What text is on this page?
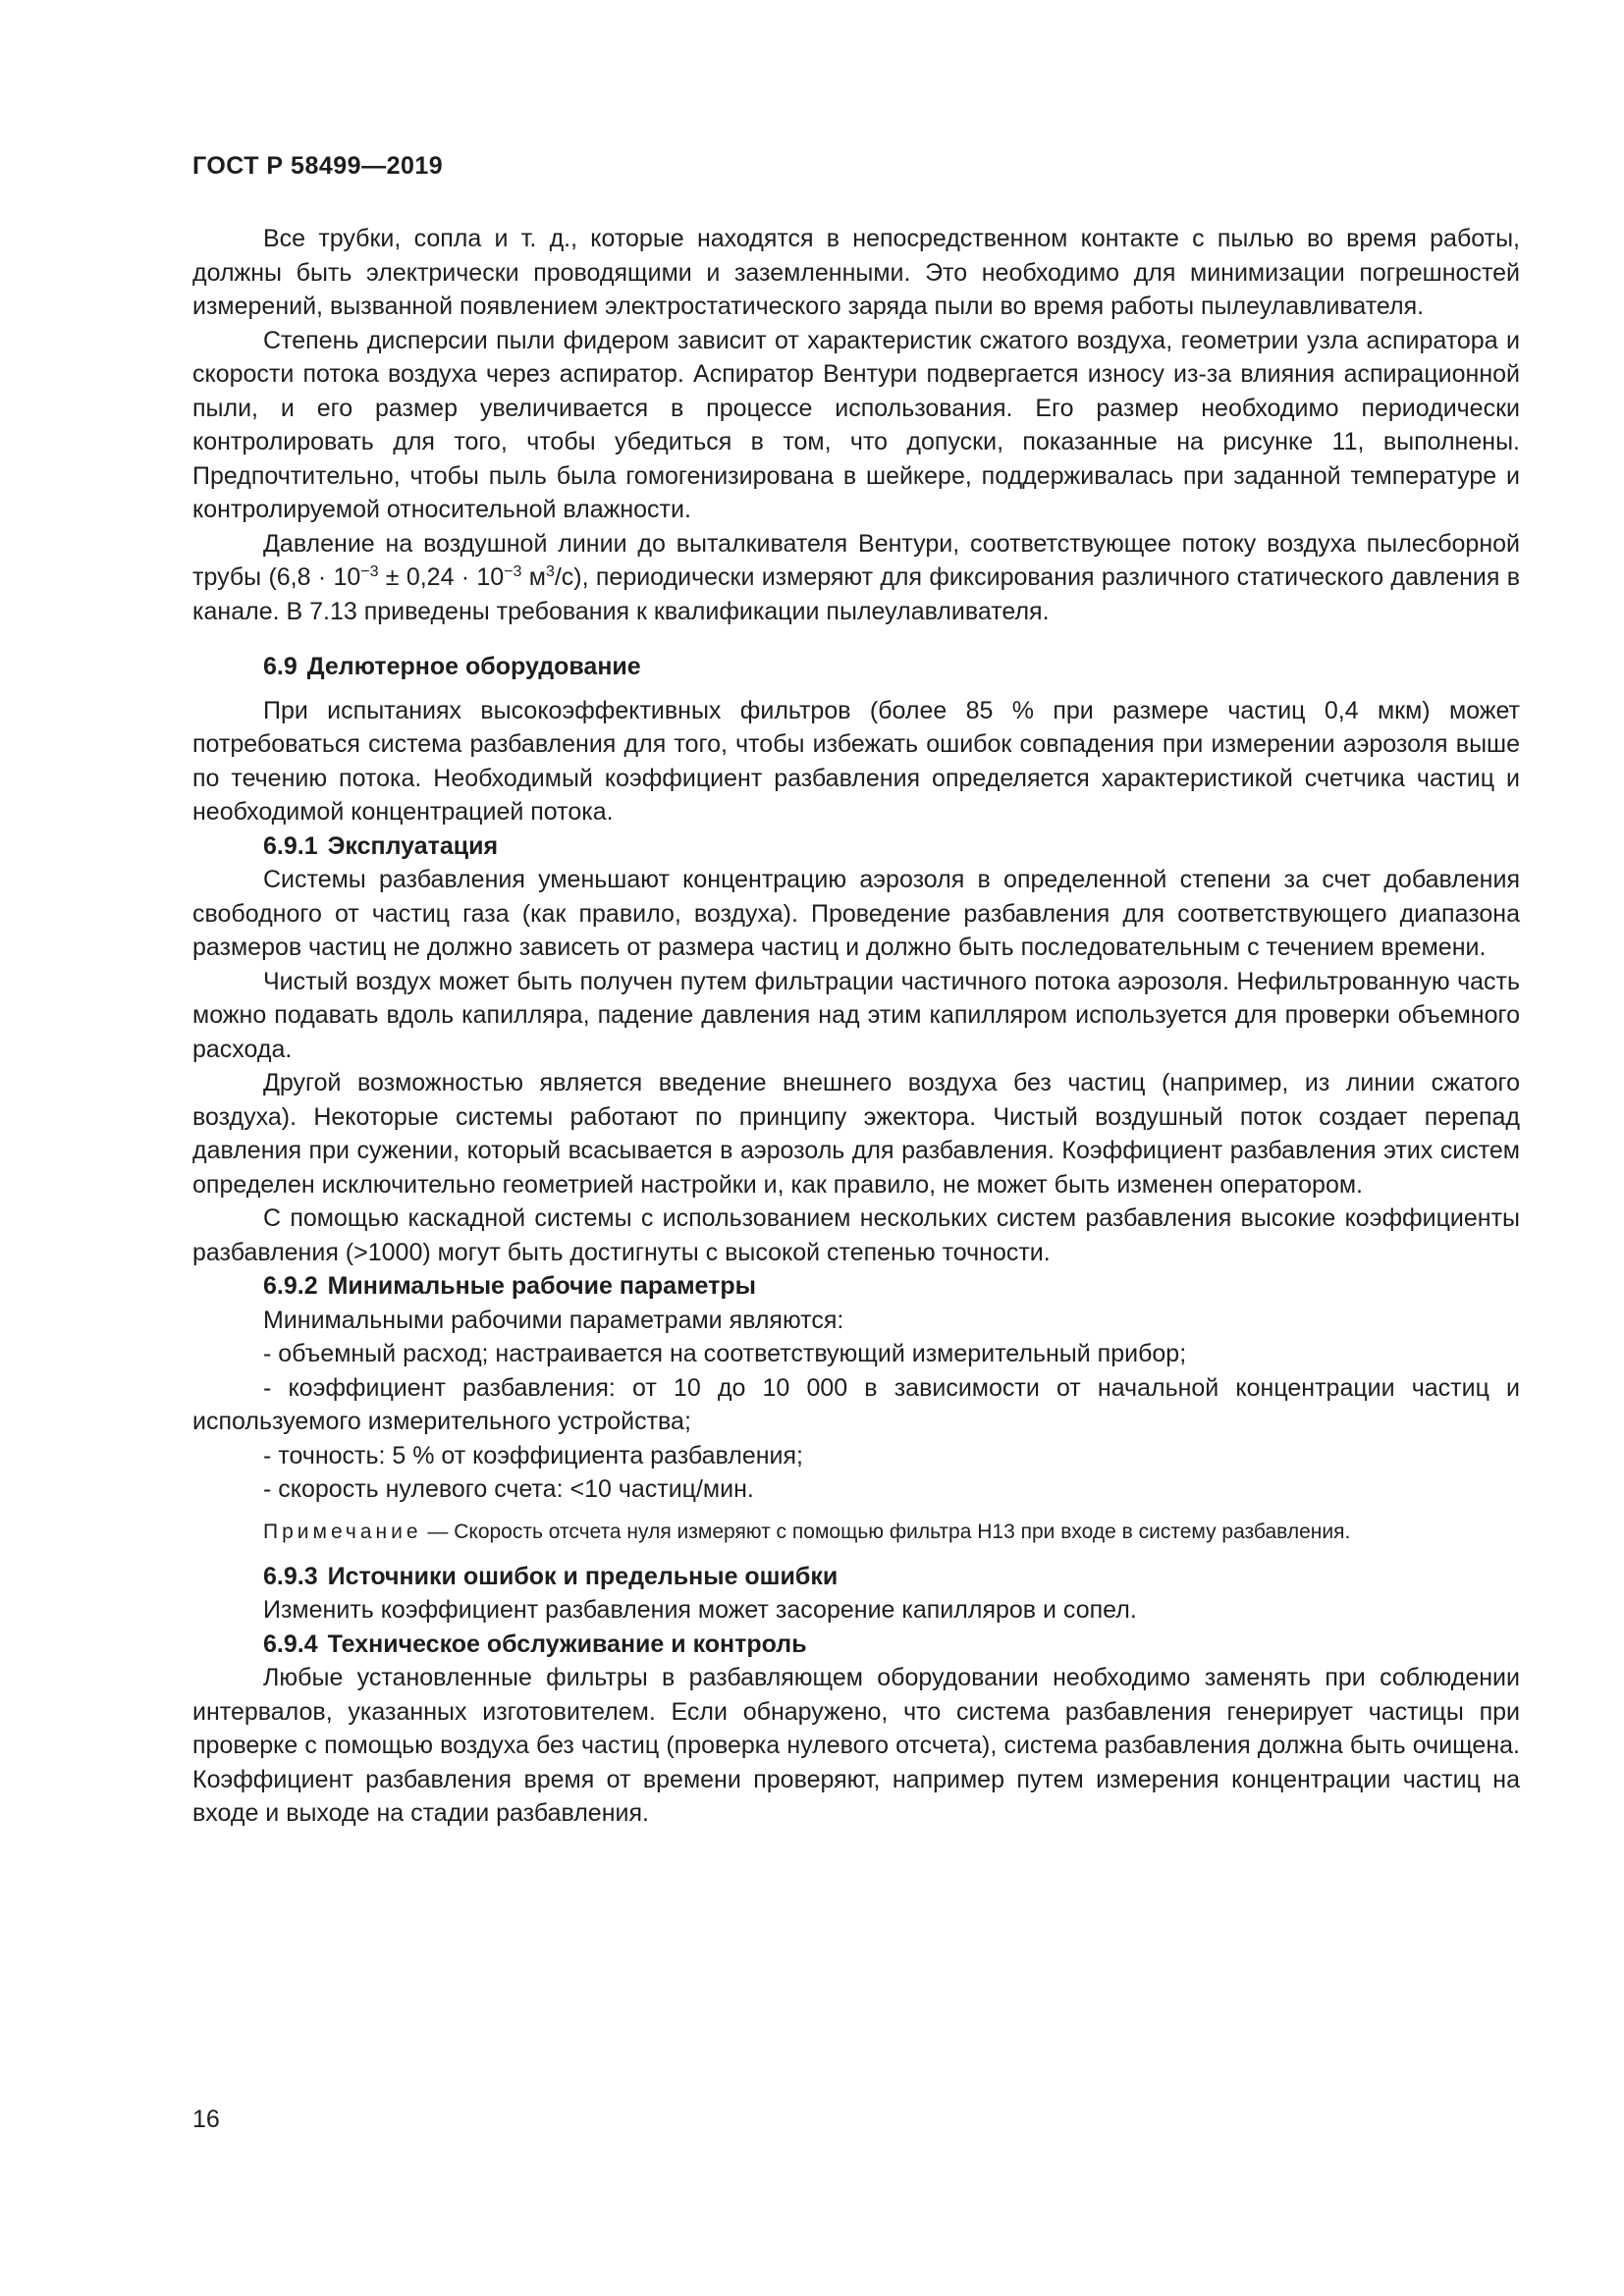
ГОСТ Р 58499—2019

Все трубки, сопла и т. д., которые находятся в непосредственном контакте с пылью во время работы, должны быть электрически проводящими и заземленными. Это необходимо для минимизации погрешностей измерений, вызванной появлением электростатического заряда пыли во время работы пылеулавливателя.

Степень дисперсии пыли фидером зависит от характеристик сжатого воздуха, геометрии узла аспиратора и скорости потока воздуха через аспиратор. Аспиратор Вентури подвергается износу из-за влияния аспирационной пыли, и его размер увеличивается в процессе использования. Его размер необходимо периодически контролировать для того, чтобы убедиться в том, что допуски, показанные на рисунке 11, выполнены. Предпочтительно, чтобы пыль была гомогенизирована в шейкере, поддерживалась при заданной температуре и контролируемой относительной влажности.

Давление на воздушной линии до выталкивателя Вентури, соответствующее потоку воздуха пылесборной трубы ($6,8 \cdot 10^{-3} \pm 0,24 \cdot 10^{-3}$ $м^3/с$), периодически измеряют для фиксирования различного статического давления в канале. В 7.13 приведены требования к квалификации пылеулавливателя.

6.9 Делютерное оборудование

При испытаниях высокоэффективных фильтров (более 85 % при размере частиц 0,4 мкм) может потребоваться система разбавления для того, чтобы избежать ошибок совпадения при измерении аэрозоля выше по течению потока. Необходимый коэффициент разбавления определяется характеристикой счетчика частиц и необходимой концентрацией потока.

6.9.1 Эксплуатация

Системы разбавления уменьшают концентрацию аэрозоля в определенной степени за счет добавления свободного от частиц газа (как правило, воздуха). Проведение разбавления для соответствующего диапазона размеров частиц не должно зависеть от размера частиц и должно быть последовательным с течением времени.

Чистый воздух может быть получен путем фильтрации частичного потока аэрозоля. Нефильтрованную часть можно подавать вдоль капилляра, падение давления над этим капилляром используется для проверки объемного расхода.

Другой возможностью является введение внешнего воздуха без частиц (например, из линии сжатого воздуха). Некоторые системы работают по принципу эжектора. Чистый воздушный поток создает перепад давления при сужении, который всасывается в аэрозоль для разбавления. Коэффициент разбавления этих систем определен исключительно геометрией настройки и, как правило, не может быть изменен оператором.

С помощью каскадной системы с использованием нескольких систем разбавления высокие коэффициенты разбавления (>1000) могут быть достигнуты с высокой степенью точности.

6.9.2 Минимальные рабочие параметры

Минимальными рабочими параметрами являются:

- объемный расход; настраивается на соответствующий измерительный прибор;

- коэффициент разбавления: от 10 до 10 000 в зависимости от начальной концентрации частиц и используемого измерительного устройства;

- точность: 5 % от коэффициента разбавления;

- скорость нулевого счета: <10 частиц/мин.

Примечание — Скорость отсчета нуля измеряют с помощью фильтра H13 при входе в систему разбавления.

6.9.3 Источники ошибок и предельные ошибки

Изменить коэффициент разбавления может засорение капилляров и сопел.

6.9.4 Техническое обслуживание и контроль

Любые установленные фильтры в разбавляющем оборудовании необходимо заменять при соблюдении интервалов, указанных изготовителем. Если обнаружено, что система разбавления генерирует частицы при проверке с помощью воздуха без частиц (проверка нулевого отсчета), система разбавления должна быть очищена. Коэффициент разбавления время от времени проверяют, например путем измерения концентрации частиц на входе и выходе на стадии разбавления.

16
